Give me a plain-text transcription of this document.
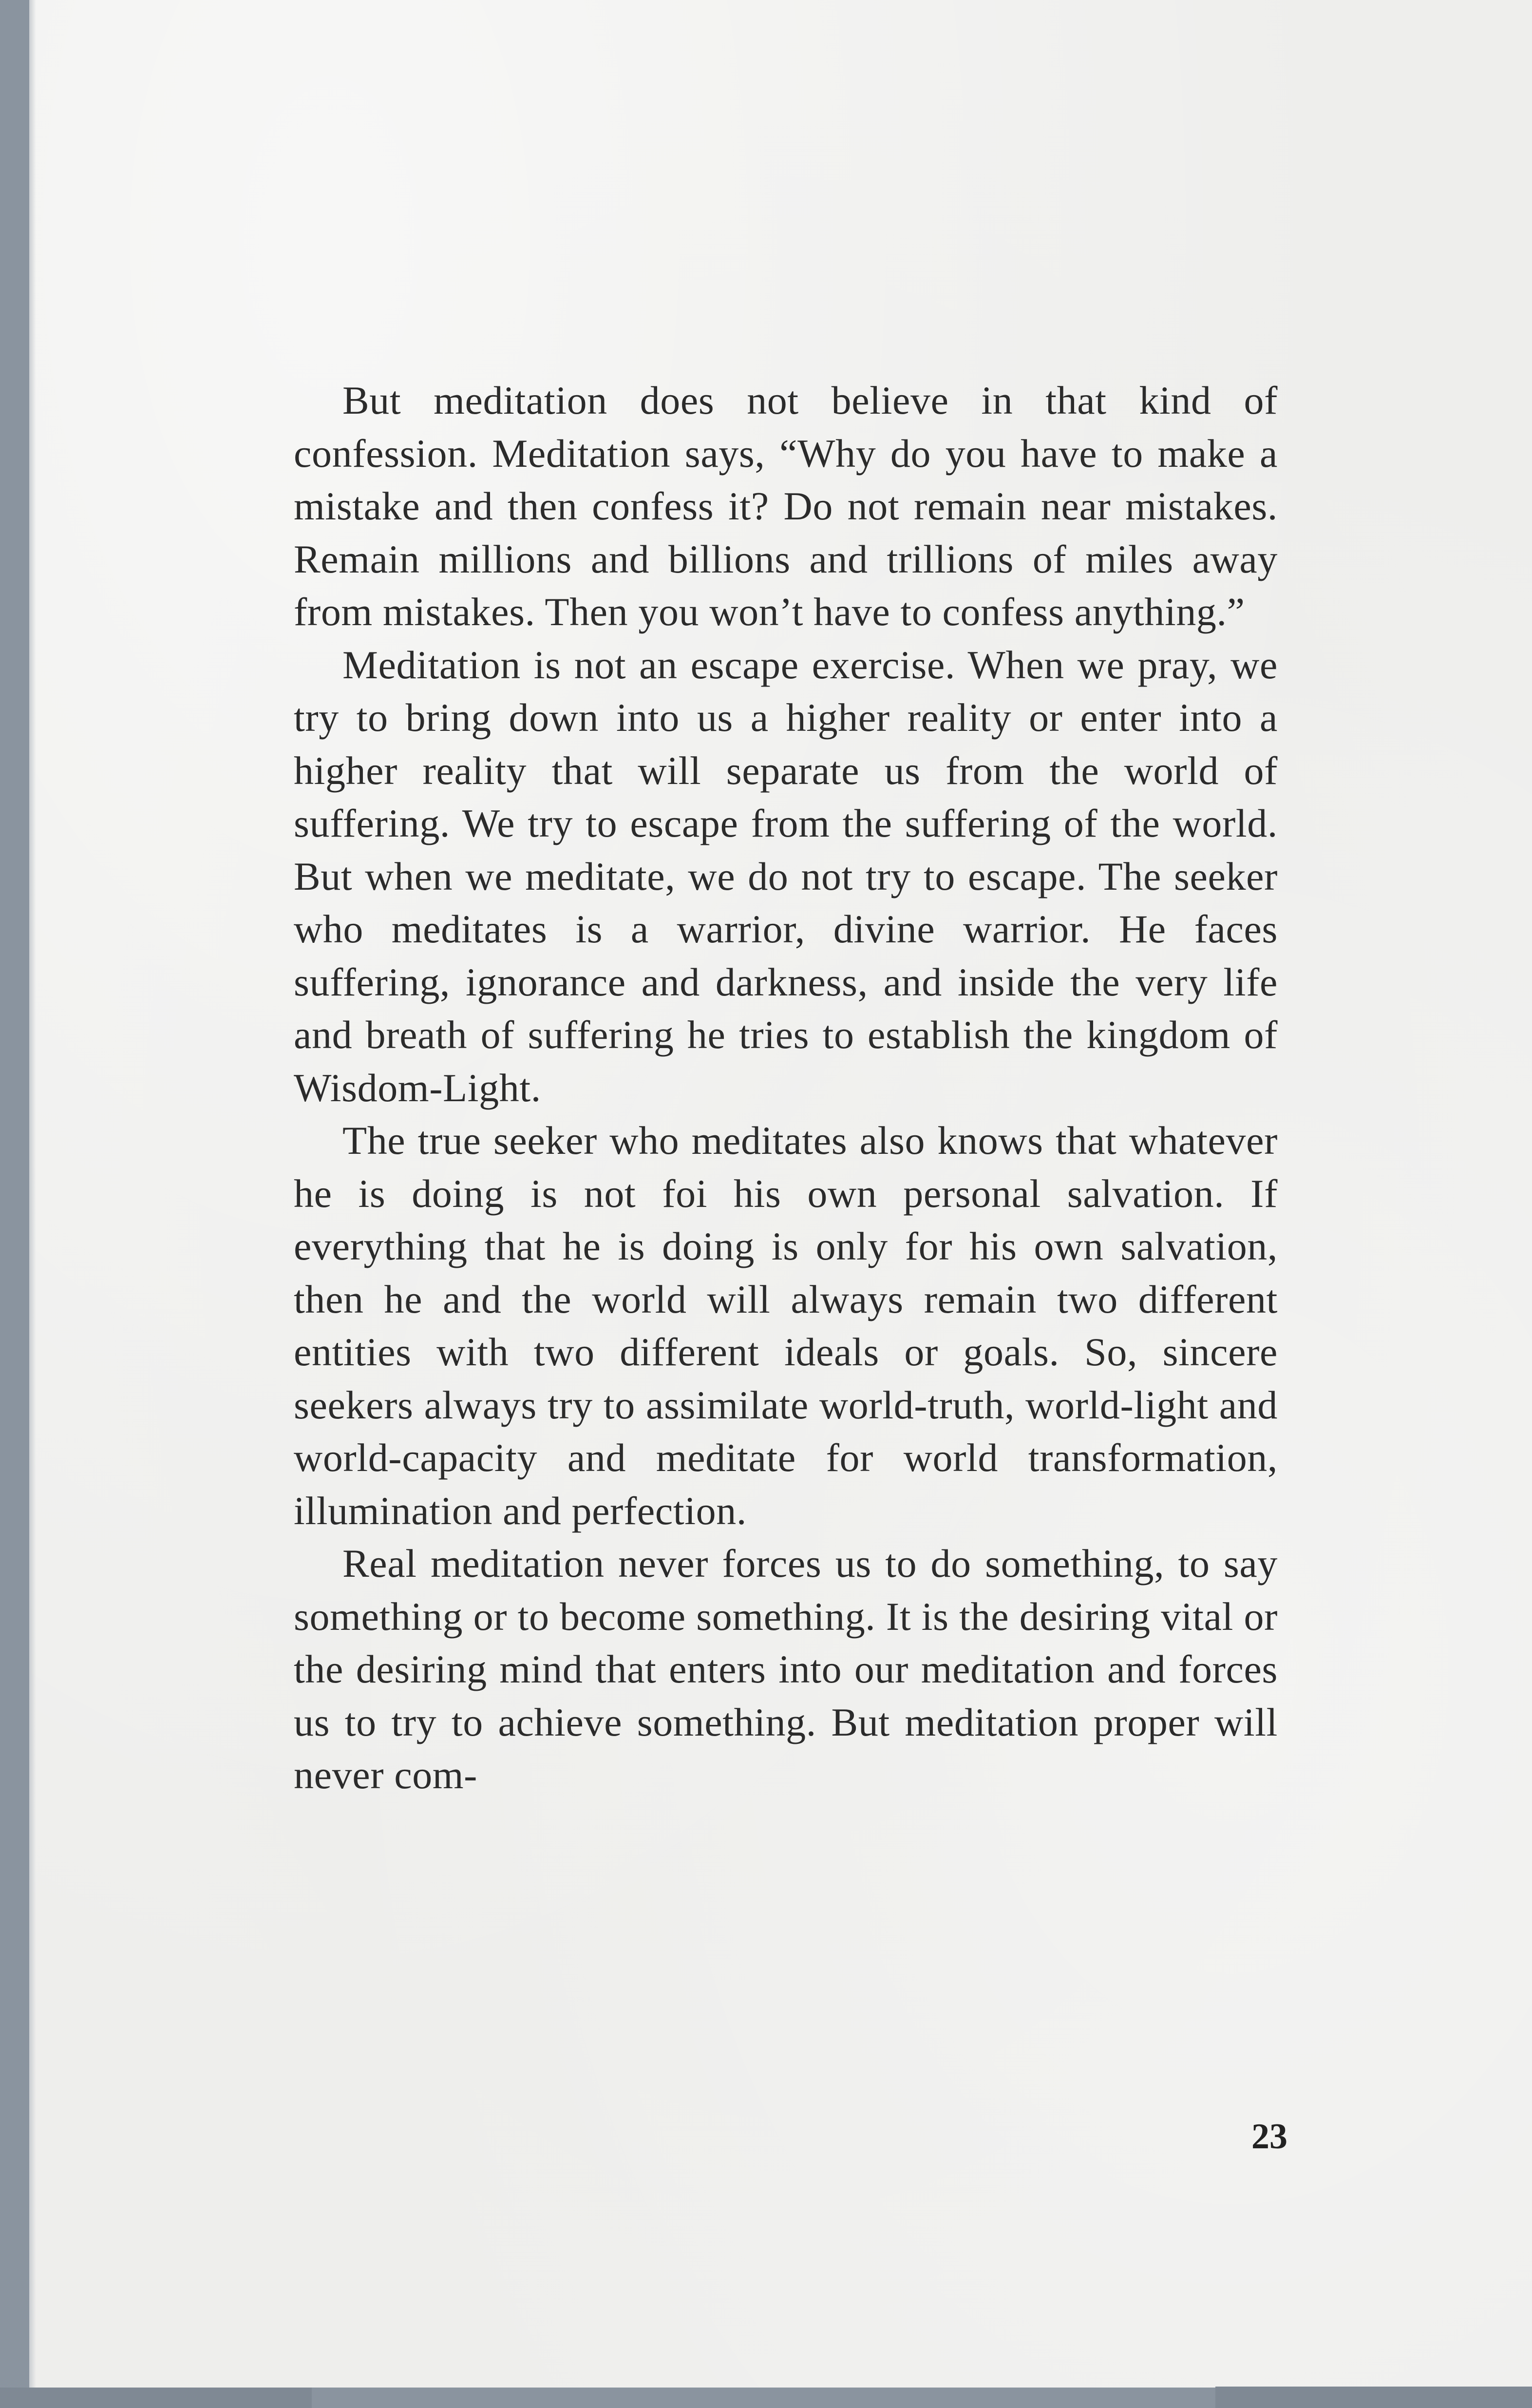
But meditation does not believe in that kind of confession. Meditation says, “Why do you have to make a mistake and then confess it? Do not remain near mistakes. Remain millions and billions and trillions of miles away from mistakes. Then you won’t have to confess anything.”

Meditation is not an escape exercise. When we pray, we try to bring down into us a higher reality or enter into a higher reality that will separate us from the world of suffering. We try to escape from the suffering of the world. But when we meditate, we do not try to escape. The seeker who meditates is a warrior, divine warrior. He faces suffering, ignorance and darkness, and inside the very life and breath of suffering he tries to establish the kingdom of Wisdom-Light.

The true seeker who meditates also knows that whatever he is doing is not foi his own personal salvation. If everything that he is doing is only for his own salvation, then he and the world will always remain two different entities with two different ideals or goals. So, sincere seekers always try to assimilate world-truth, world-light and world-capacity and meditate for world transformation, illumination and perfection.

Real meditation never forces us to do something, to say something or to become something. It is the desiring vital or the desiring mind that enters into our meditation and forces us to try to achieve something. But meditation proper will never com-

23
